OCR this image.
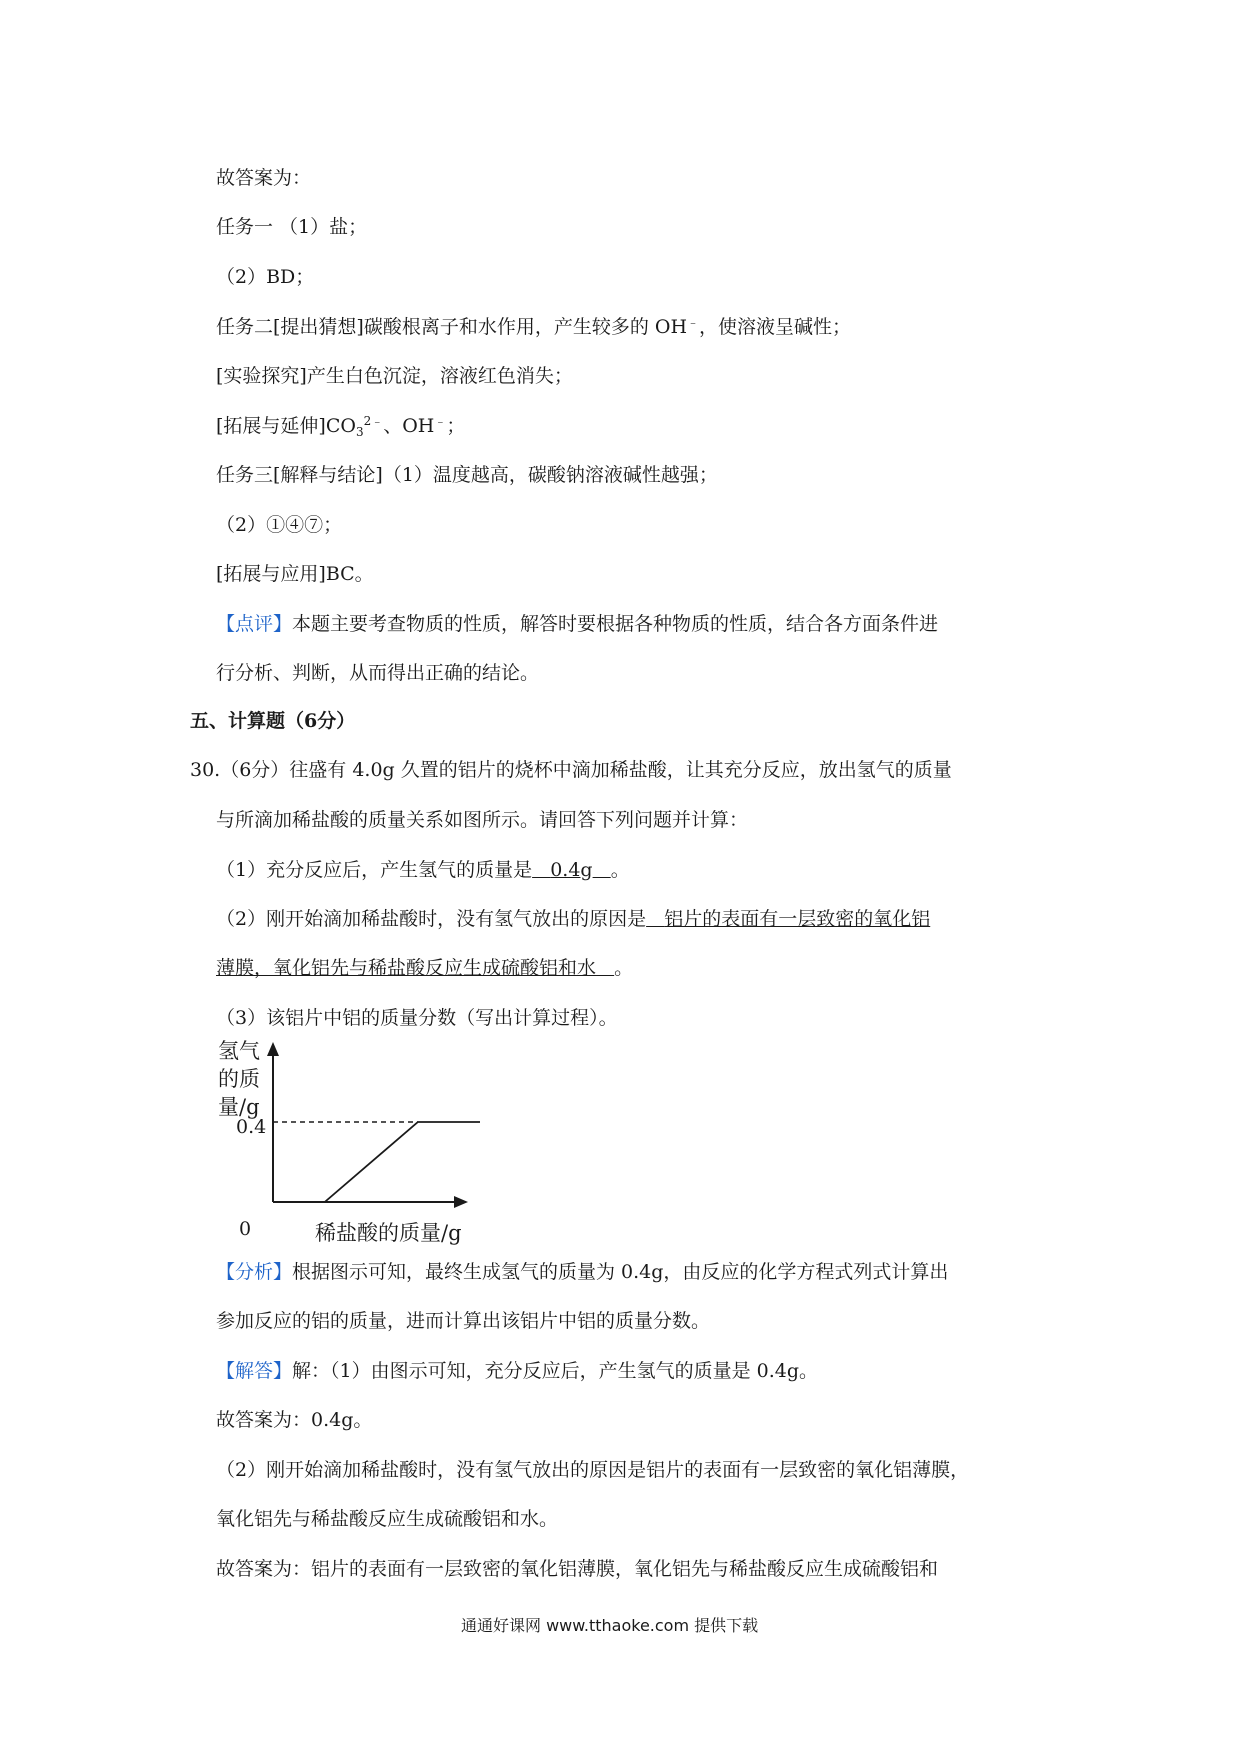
故答案为：
任务一 （1）盐；
（2）BD；
任务二[提出猜想]碳酸根离子和水作用，产生较多的 OH﹣，使溶液呈碱性；
[实验探究]产生白色沉淀，溶液红色消失；
[拓展与延伸]$CO_3^{2﹣}$、OH﹣；
任务三[解释与结论]（1）温度越高，碳酸钠溶液碱性越强；
（2）①④⑦；
[拓展与应用]BC。
【点评】本题主要考查物质的性质，解答时要根据各种物质的性质，结合各方面条件进
行分析、判断，从而得出正确的结论。
五、计算题（6分）
30.（6分）往盛有 4.0g 久置的铝片的烧杯中滴加稀盐酸，让其充分反应，放出氢气的质量
与所滴加稀盐酸的质量关系如图所示。请回答下列问题并计算：
（1）充分反应后，产生氢气的质量是 0.4g 。
（2）刚开始滴加稀盐酸时，没有氢气放出的原因是 铝片的表面有一层致密的氧化铝
薄膜，氧化铝先与稀盐酸反应生成硫酸铝和水 。
（3）该铝片中铝的质量分数（写出计算过程）。
氢气
的质
量/g
0.4
0	稀盐酸的质量/g
【分析】根据图示可知，最终生成氢气的质量为 0.4g，由反应的化学方程式列式计算出
参加反应的铝的质量，进而计算出该铝片中铝的质量分数。
【解答】解：（1）由图示可知，充分反应后，产生氢气的质量是 0.4g。
故答案为：0.4g。
（2）刚开始滴加稀盐酸时，没有氢气放出的原因是铝片的表面有一层致密的氧化铝薄膜，
氧化铝先与稀盐酸反应生成硫酸铝和水。
故答案为：铝片的表面有一层致密的氧化铝薄膜，氧化铝先与稀盐酸反应生成硫酸铝和
通通好课网 www.tthaoke.com 提供下载
